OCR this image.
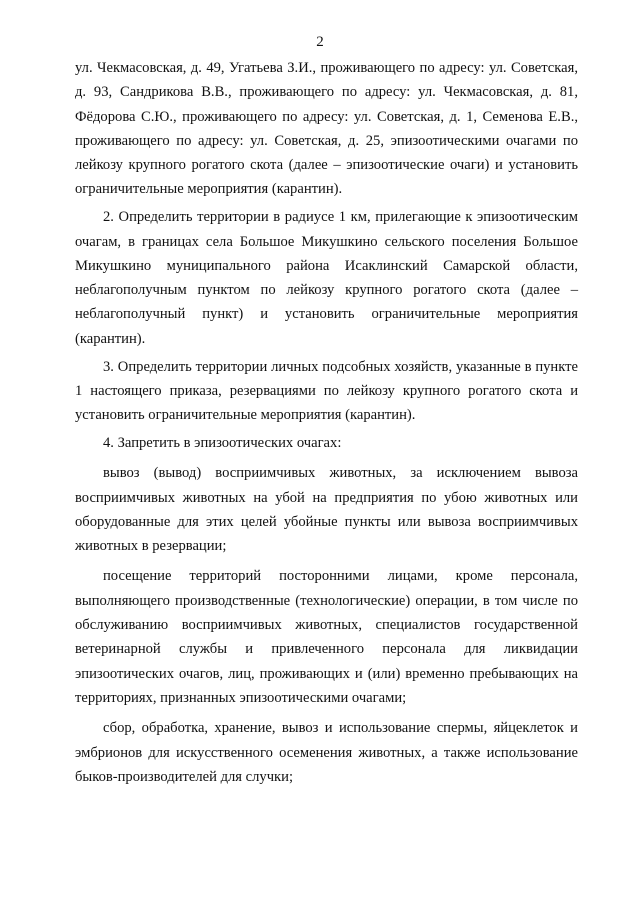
2

ул. Чекмасовская, д. 49, Угатьева З.И., проживающего по адресу: ул. Советская, д. 93, Сандрикова В.В., проживающего по адресу: ул. Чекмасовская, д. 81, Фёдорова С.Ю., проживающего по адресу: ул. Советская, д. 1, Семенова Е.В., проживающего по адресу: ул. Советская, д. 25, эпизоотическими очагами по лейкозу крупного рогатого скота (далее – эпизоотические очаги) и установить ограничительные мероприятия (карантин).

2. Определить территории в радиусе 1 км, прилегающие к эпизоотическим очагам, в границах села Большое Микушкино сельского поселения Большое Микушкино муниципального района Исаклинский Самарской области, неблагополучным пунктом по лейкозу крупного рогатого скота (далее – неблагополучный пункт) и установить ограничительные мероприятия (карантин).

3. Определить территории личных подсобных хозяйств, указанные в пункте 1 настоящего приказа, резервациями по лейкозу крупного рогатого скота и установить ограничительные мероприятия (карантин).

4. Запретить в эпизоотических очагах:

вывоз (вывод) восприимчивых животных, за исключением вывоза восприимчивых животных на убой на предприятия по убою животных или оборудованные для этих целей убойные пункты или вывоза восприимчивых животных в резервации;

посещение территорий посторонними лицами, кроме персонала, выполняющего производственные (технологические) операции, в том числе по обслуживанию восприимчивых животных, специалистов государственной ветеринарной службы и привлеченного персонала для ликвидации эпизоотических очагов, лиц, проживающих и (или) временно пребывающих на территориях, признанных эпизоотическими очагами;

сбор, обработка, хранение, вывоз и использование спермы, яйцеклеток и эмбрионов для искусственного осеменения животных, а также использование быков-производителей для случки;
